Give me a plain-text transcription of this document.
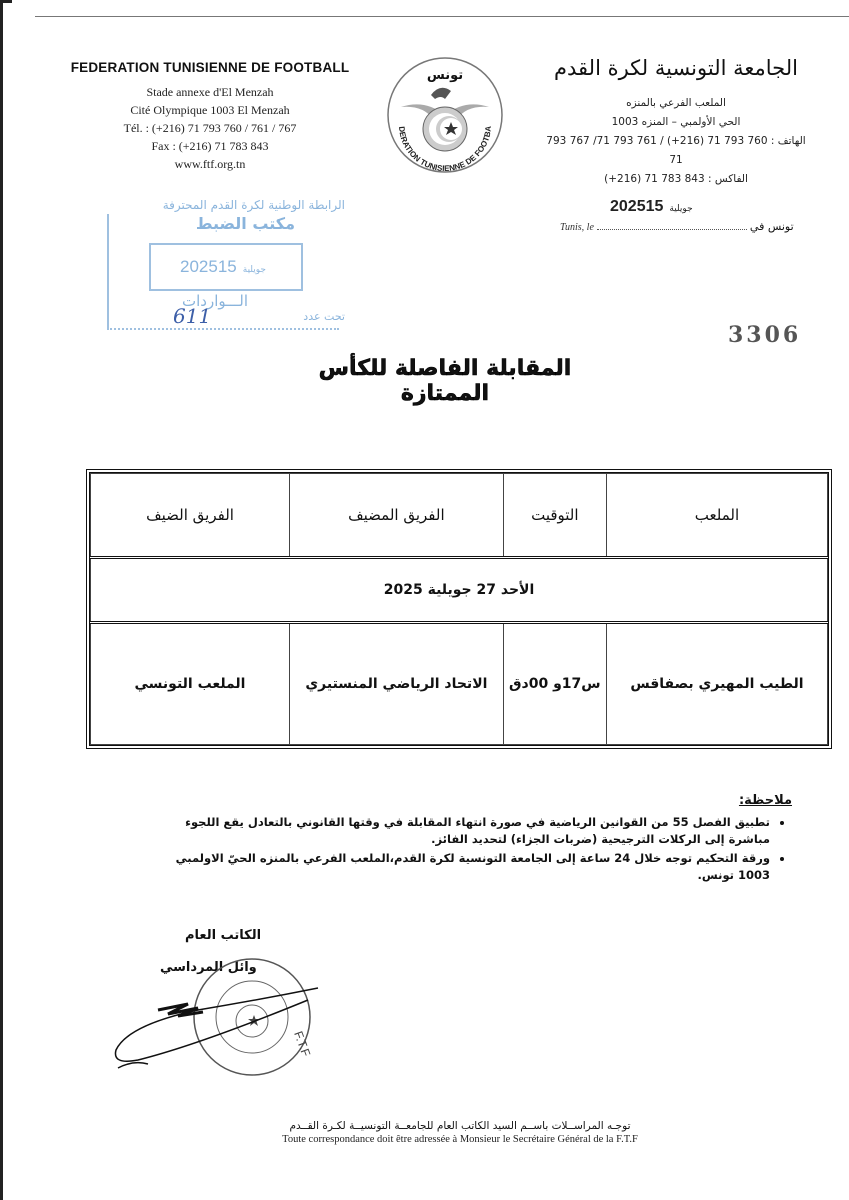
FEDERATION TUNISIENNE DE FOOTBALL
Stade annexe d'El Menzah
Cité Olympique 1003 El Menzah
Tél. : (+216) 71 793 760 / 761 / 767
Fax : (+216) 71 783 843
www.ftf.org.tn
تونس
DERATION TUNISIENNE DE FOOTBA
الجامعة التونسية لكرة القدم
الملعب الفرعي بالمنزه
الحي الأولمبي – المنزه 1003
الهاتف : 760 793 71 (216+) / 761 793 71/ 767 793 71
الفاكس : 843 783 71 (216+)
2025	جويلية15
Tunis, le	تونس في
الرابطة الوطنية لكرة القدم المحترفة
مكتب الضبط
2025	جويلية15
الـــواردات
611	تحت عدد
3306
المقابلة الفاصلة للكأس الممتازة
الملعب	التوقيت	الفريق المضيف	الفريق الضيف
الأحد 27 جويلية 2025			
الطيب المهيري بصفاقس	س17و 00دق	الاتحاد الرياضي المنستيري	الملعب التونسي
ملاحظة:
• تطبيق الفصل 55 من القوانين الرياضية في صورة انتهاء المقابلة في وقتها القانوني بالتعادل يقع اللجوء مباشرة إلى الركلات الترجيحية (ضربات الجزاء) لتحديد الفائز.
• ورقة التحكيم توجه خلال 24 ساعة إلى الجامعة التونسية لكرة القدم،الملعب الفرعي بالمنزه الحيّ الاولمبي 1003 تونس.
الكاتب العام
وائل المرداسي
F.T.F
توجـه المراســلات باســم السيد الكاتب العام للجامعــة التونسيــة لكـرة القــدم
Toute correspondance doit être adressée à Monsieur le Secrétaire Général de la F.T.F
